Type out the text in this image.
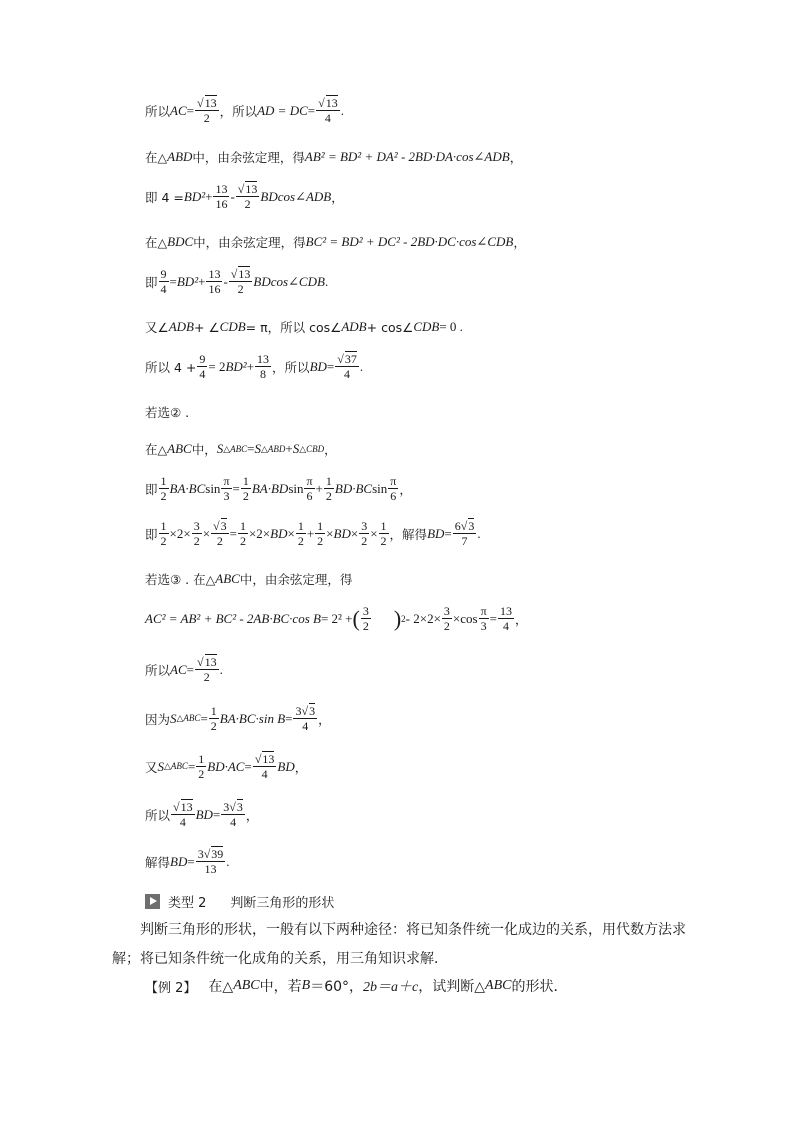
所以 AC = $\frac{√13}{2}$ ，所以 AD = DC = $\frac{√13}{4}$ .
在△ ABD 中，由余弦定理，得 AB² = BD² + DA² - 2BD·DA·cos∠ADB ，
即 $4 = BD^2 + \frac{13}{16} - √13$
2
BDcos∠ADB ，
在△ BDC 中，由余弦定理，得 BC² = BD² + DC² - 2BD·DC·cos∠CDB ，
即 $\frac{9}{4} = BD^2 + \frac{13}{16} - √13$
2
BDcos∠CDB .
又∠ ADB + ∠ CDB = π，所以 cos∠ ADB + cos∠ CDB = 0 .
所以 $4 + \frac{9}{4} = 2$ $BD^2 + \frac{13}{8}$ ，所以 BD = $\frac{√37}{4}$ .
若选② .
在△ ABC 中， S △ABC = S △ABD + S △CBD ，
即 $\frac{1}{2} BA\cdot BC$ $\sin \frac{\pi}{3} = \frac{1}{2} BA\cdot BD$ $\sin \frac{\pi}{6} + \frac{1}{2} BD\cdot BC$ $\sin \frac{\pi}{6}$ ，
即 $\frac{1}{2} \times 2\times \frac{3}{2} \times \frac{√3}{2} = \frac{1}{2} \times 2\times$ BD × $\frac{1}{2} + \frac{1}{2}$ × BD × $\frac{3}{2} \times \frac{1}{2}$ ，解得 BD = $\frac{6√3}{7}$ .
若选③ . 在△ ABC 中，由余弦定理，得
AC² = AB² + BC² - 2AB·BC·cos B = 2² + ( $\frac{3}{2}$ ) $2 - 2\times 2\times \frac{3}{2} \times\cos \frac{\pi}{3} = \frac{13}{4}$ ，
所以 AC = $\frac{√13}{2}$ .
因为 S △ABC = $\frac{1}{2} BA\cdot BC\cdot\sin$ $B = \frac{3√3}{4}$ ，
又 S △ABC = $\frac{1}{2} BD\cdot AC = \frac{√13}{4}$ BD ，
所以
√13
4
BD = $\frac{3√3}{4}$ ，
解得 BD = $\frac{3√39}{13}$ .
类型 2 判断三角形的形状
判断三角形的形状，一般有以下两种途径：将已知条件统一化成边的关系，用代数方法求解；将已知条件统一化成角的关系，用三角知识求解．
【例 2】 在△ ABC 中，若 B ＝60°， 2b＝a＋c ，试判断△ ABC 的形状．
